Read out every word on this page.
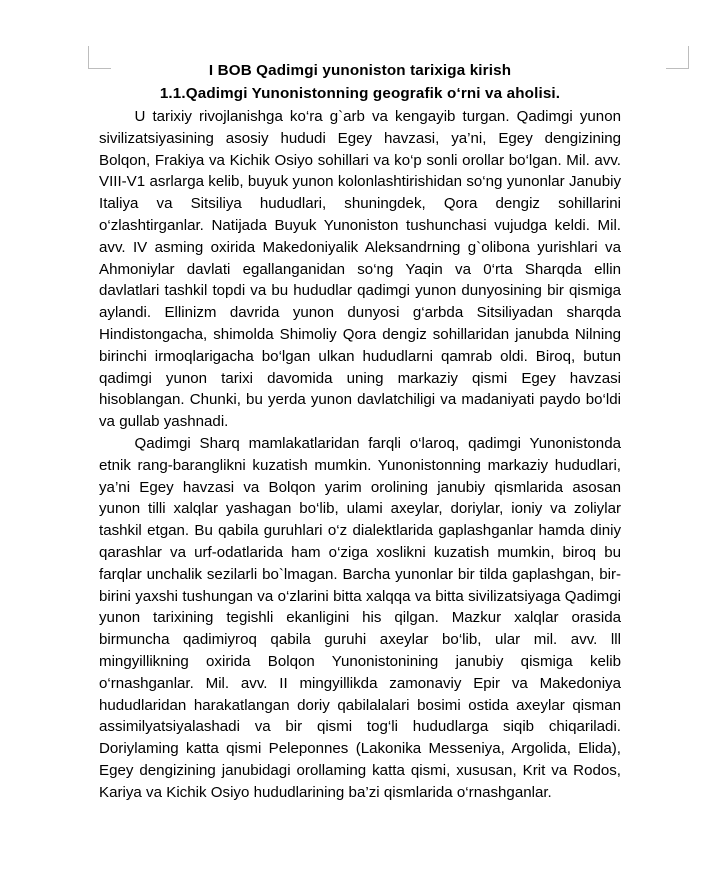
I BOB Qadimgi yunoniston tarixiga kirish
1.1.Qadimgi Yunonistonning geografik o‘rni va aholisi.

U tarixiy rivojlanishga ko‘ra g`arb va kengayib turgan. Qadimgi yunon sivilizatsiyasining asosiy hududi Egey havzasi, ya’ni, Egey dengizining Bolqon, Frakiya va Kichik Osiyo sohillari va ko‘p sonli orollar bo‘lgan. Mil. avv. VIII-V1 asrlarga kelib, buyuk yunon kolonlashtirishidan so‘ng yunonlar Janubiy Italiya va Sitsiliya hududlari, shuningdek, Qora dengiz sohillarini o‘zlashtirganlar. Natijada Buyuk Yunoniston tushunchasi vujudga keldi. Mil. avv. IV asming oxirida Makedoniyalik Aleksandrning g`olibona yurishlari va Ahmoniylar davlati egallanganidan so‘ng Yaqin va 0‘rta Sharqda ellin davlatlari tashkil topdi va bu hududlar qadimgi yunon dunyosining bir qismiga aylandi. Ellinizm davrida yunon dunyosi g‘arbda Sitsiliyadan sharqda Hindistongacha, shimolda Shimoliy Qora dengiz sohillaridan janubda Nilning birinchi irmoqlarigacha bo‘lgan ulkan hududlarni qamrab oldi. Biroq, butun qadimgi yunon tarixi davomida uning markaziy qismi Egey havzasi hisoblangan. Chunki, bu yerda yunon davlatchiligi va madaniyati paydo bo‘ldi va gullab yashnadi.

Qadimgi Sharq mamlakatlaridan farqli o‘laroq, qadimgi Yunonistonda etnik rang-baranglikni kuzatish mumkin. Yunonistonning markaziy hududlari, ya’ni Egey havzasi va Bolqon yarim orolining janubiy qismlarida asosan yunon tilli xalqlar yashagan bo‘lib, ulami axeylar, doriylar, ioniy va zoliylar tashkil etgan. Bu qabila guruhlari o‘z dialektlarida gaplashganlar hamda diniy qarashlar va urf-odatlarida ham o‘ziga xoslikni kuzatish mumkin, biroq bu farqlar unchalik sezilarli bo`lmagan. Barcha yunonlar bir tilda gaplashgan, bir-birini yaxshi tushungan va o‘zlarini bitta xalqqa va bitta sivilizatsiyaga Qadimgi yunon tarixining tegishli ekanligini his qilgan. Mazkur xalqlar orasida birmuncha qadimiyroq qabila guruhi axeylar bo‘lib, ular mil. avv. lll mingyillikning oxirida Bolqon Yunonistonining janubiy qismiga kelib o‘rnashganlar. Mil. avv. II mingyillikda zamonaviy Epir va Makedoniya hududlaridan harakatlangan doriy qabilalalari bosimi ostida axeylar qisman assimilyatsiyalashadi va bir qismi tog‘li hududlarga siqib chiqariladi. Doriylaming katta qismi Peleponnes (Lakonika Messeniya, Argolida, Elida), Egey dengizining janubidagi orollaming katta qismi, xususan, Krit va Rodos, Kariya va Kichik Osiyo hududlarining ba’zi qismlarida o‘rnashganlar.
